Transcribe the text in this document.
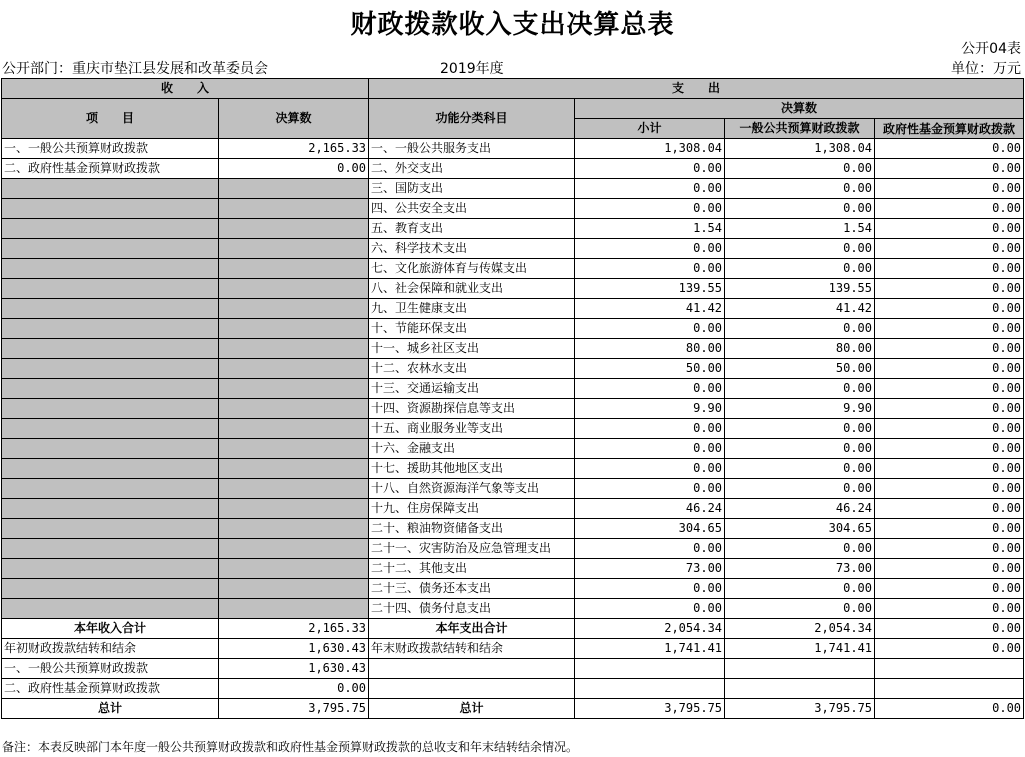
财政拨款收入支出决算总表
公开04表
公开部门：重庆市垫江县发展和改革委员会	2019年度	单位：万元
收　　入		支　　出			
项　　目	决算数	功能分类科目	决算数		
			小计	一般公共预算财政拨款	政府性基金预算财政拨款

一、一般公共预算财政拨款	2,165.33	一、一般公共服务支出	1,308.04	1,308.04	0.00
二、政府性基金预算财政拨款	0.00	二、外交支出	0.00	0.00	0.00
		三、国防支出	0.00	0.00	0.00
		四、公共安全支出	0.00	0.00	0.00
		五、教育支出	1.54	1.54	0.00
		六、科学技术支出	0.00	0.00	0.00
		七、文化旅游体育与传媒支出	0.00	0.00	0.00
		八、社会保障和就业支出	139.55	139.55	0.00
		九、卫生健康支出	41.42	41.42	0.00
		十、节能环保支出	0.00	0.00	0.00
		十一、城乡社区支出	80.00	80.00	0.00
		十二、农林水支出	50.00	50.00	0.00
		十三、交通运输支出	0.00	0.00	0.00
		十四、资源勘探信息等支出	9.90	9.90	0.00
		十五、商业服务业等支出	0.00	0.00	0.00
		十六、金融支出	0.00	0.00	0.00
		十七、援助其他地区支出	0.00	0.00	0.00
		十八、自然资源海洋气象等支出	0.00	0.00	0.00
		十九、住房保障支出	46.24	46.24	0.00
		二十、粮油物资储备支出	304.65	304.65	0.00
		二十一、灾害防治及应急管理支出	0.00	0.00	0.00
		二十二、其他支出	73.00	73.00	0.00
		二十三、债务还本支出	0.00	0.00	0.00
		二十四、债务付息支出	0.00	0.00	0.00
本年收入合计	2,165.33	本年支出合计	2,054.34	2,054.34	0.00
年初财政拨款结转和结余	1,630.43	年末财政拨款结转和结余	1,741.41	1,741.41	0.00
一、一般公共预算财政拨款	1,630.43				
二、政府性基金预算财政拨款	0.00				
总计	3,795.75	总计	3,795.75	3,795.75	0.00
备注：本表反映部门本年度一般公共预算财政拨款和政府性基金预算财政拨款的总收支和年末结转结余情况。
